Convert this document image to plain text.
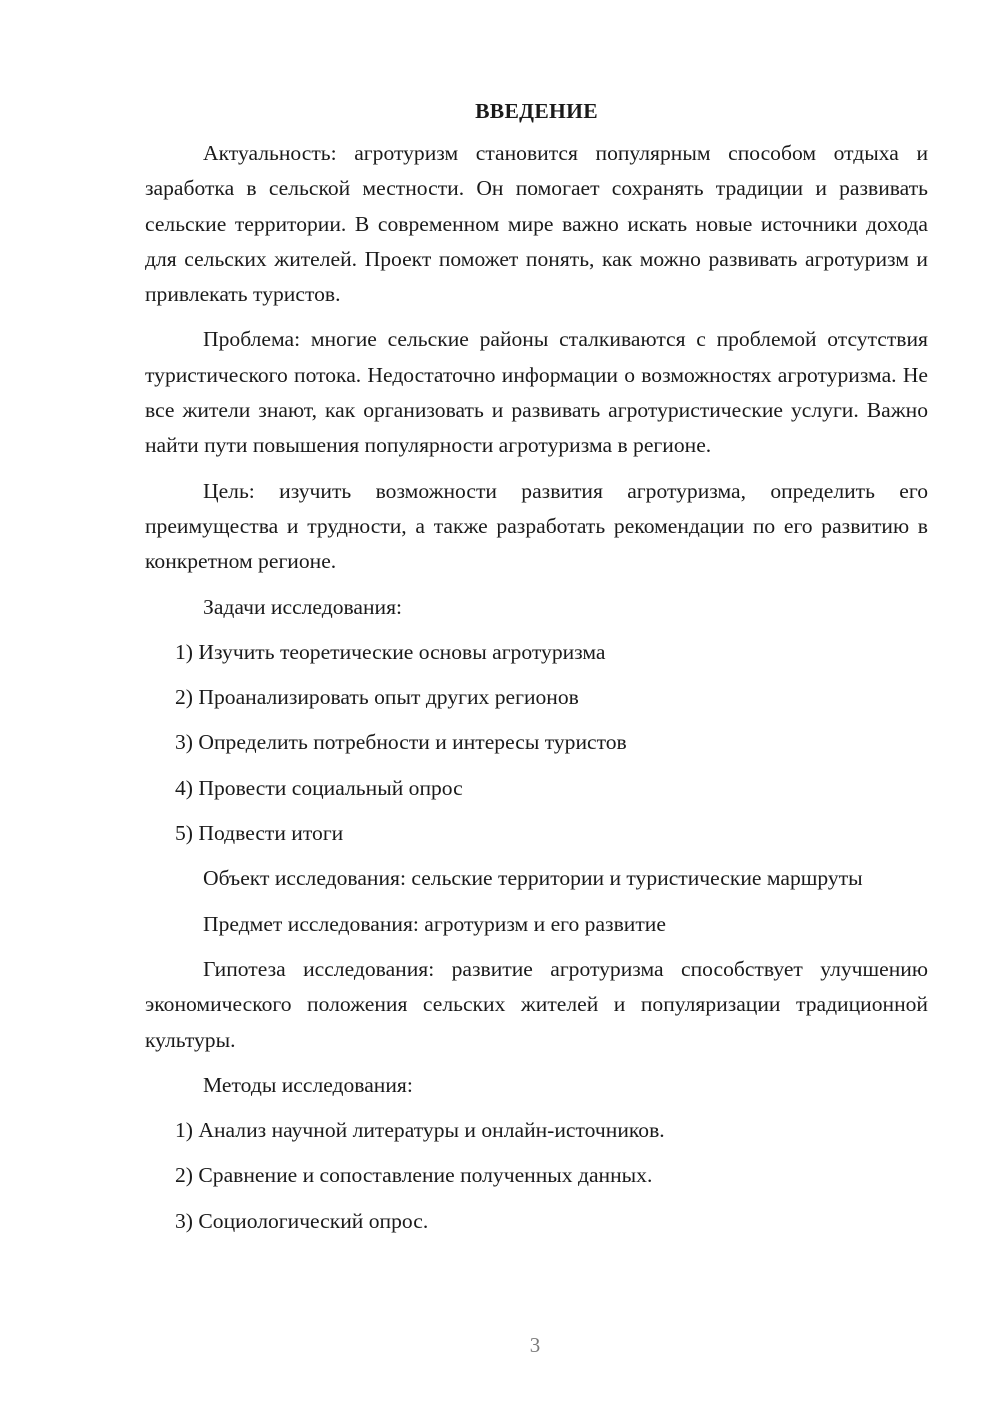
ВВЕДЕНИЕ

Актуальность: агротуризм становится популярным способом отдыха и заработка в сельской местности. Он помогает сохранять традиции и развивать сельские территории. В современном мире важно искать новые источники дохода для сельских жителей. Проект поможет понять, как можно развивать агротуризм и привлекать туристов.

Проблема: многие сельские районы сталкиваются с проблемой отсутствия туристического потока. Недостаточно информации о возможностях агротуризма. Не все жители знают, как организовать и развивать агротуристические услуги. Важно найти пути повышения популярности агротуризма в регионе.

Цель: изучить возможности развития агротуризма, определить его преимущества и трудности, а также разработать рекомендации по его развитию в конкретном регионе.

Задачи исследования:

1) Изучить теоретические основы агротуризма
2) Проанализировать опыт других регионов
3) Определить потребности и интересы туристов
4) Провести социальный опрос
5) Подвести итоги

Объект исследования: сельские территории и туристические маршруты

Предмет исследования: агротуризм и его развитие

Гипотеза исследования: развитие агротуризма способствует улучшению экономического положения сельских жителей и популяризации традиционной культуры.

Методы исследования:

1) Анализ научной литературы и онлайн-источников.
2) Сравнение и сопоставление полученных данных.
3) Социологический опрос.
3
